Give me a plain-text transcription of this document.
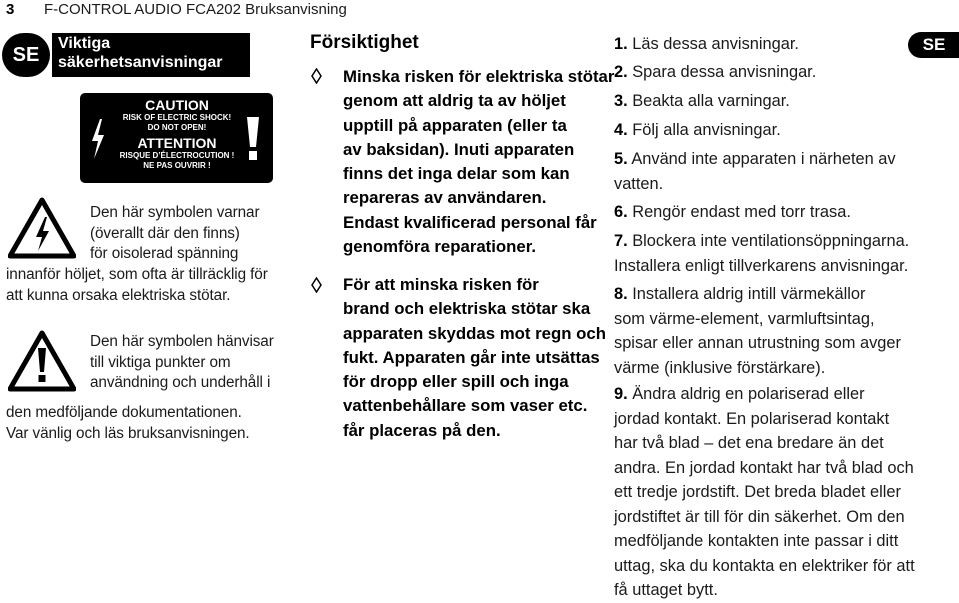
3 F-CONTROL AUDIO FCA202 Bruksanvisning
SE	Viktiga
säkerhetsanvisningar
CAUTION
RISK OF ELECTRIC SHOCK!
DO NOT OPEN!
ATTENTION
RISQUE D’ÉLECTROCUTION !
NE PAS OUVRIR !
Den här symbolen varnar
(överallt där den finns)
för oisolerad spänning
innanför höljet, som ofta är tillräcklig för
att kunna orsaka elektriska stötar.
Den här symbolen hänvisar
till viktiga punkter om
användning och underhåll i
den medföljande dokumentationen.
Var vänlig och läs bruksanvisningen.
Försiktighet
Minska risken för elektriska stötar
genom att aldrig ta av höljet
upptill på apparaten (eller ta
av baksidan). Inuti apparaten
finns det inga delar som kan
repareras av användaren.
Endast kvalificerad personal får
genomföra reparationer.
För att minska risken för
brand och elektriska stötar ska
apparaten skyddas mot regn och
fukt. Apparaten går inte utsättas
för dropp eller spill och inga
vattenbehållare som vaser etc.
får placeras på den.
SE
1. Läs dessa anvisningar.
2. Spara dessa anvisningar.
3. Beakta alla varningar.
4. Följ alla anvisningar.
5. Använd inte apparaten i närheten av
vatten.
6. Rengör endast med torr trasa.
7. Blockera inte ventilationsöppningarna.
Installera enligt tillverkarens anvisningar.
8. Installera aldrig intill värmekällor
som värme-element, varmluftsintag,
spisar eller annan utrustning som avger
värme (inklusive förstärkare).
9. Ändra aldrig en polariserad eller
jordad kontakt. En polariserad kontakt
har två blad – det ena bredare än det
andra. En jordad kontakt har två blad och
ett tredje jordstift. Det breda bladet eller
jordstiftet är till för din säkerhet. Om den
medföljande kontakten inte passar i ditt
uttag, ska du kontakta en elektriker för att
få uttaget bytt.
